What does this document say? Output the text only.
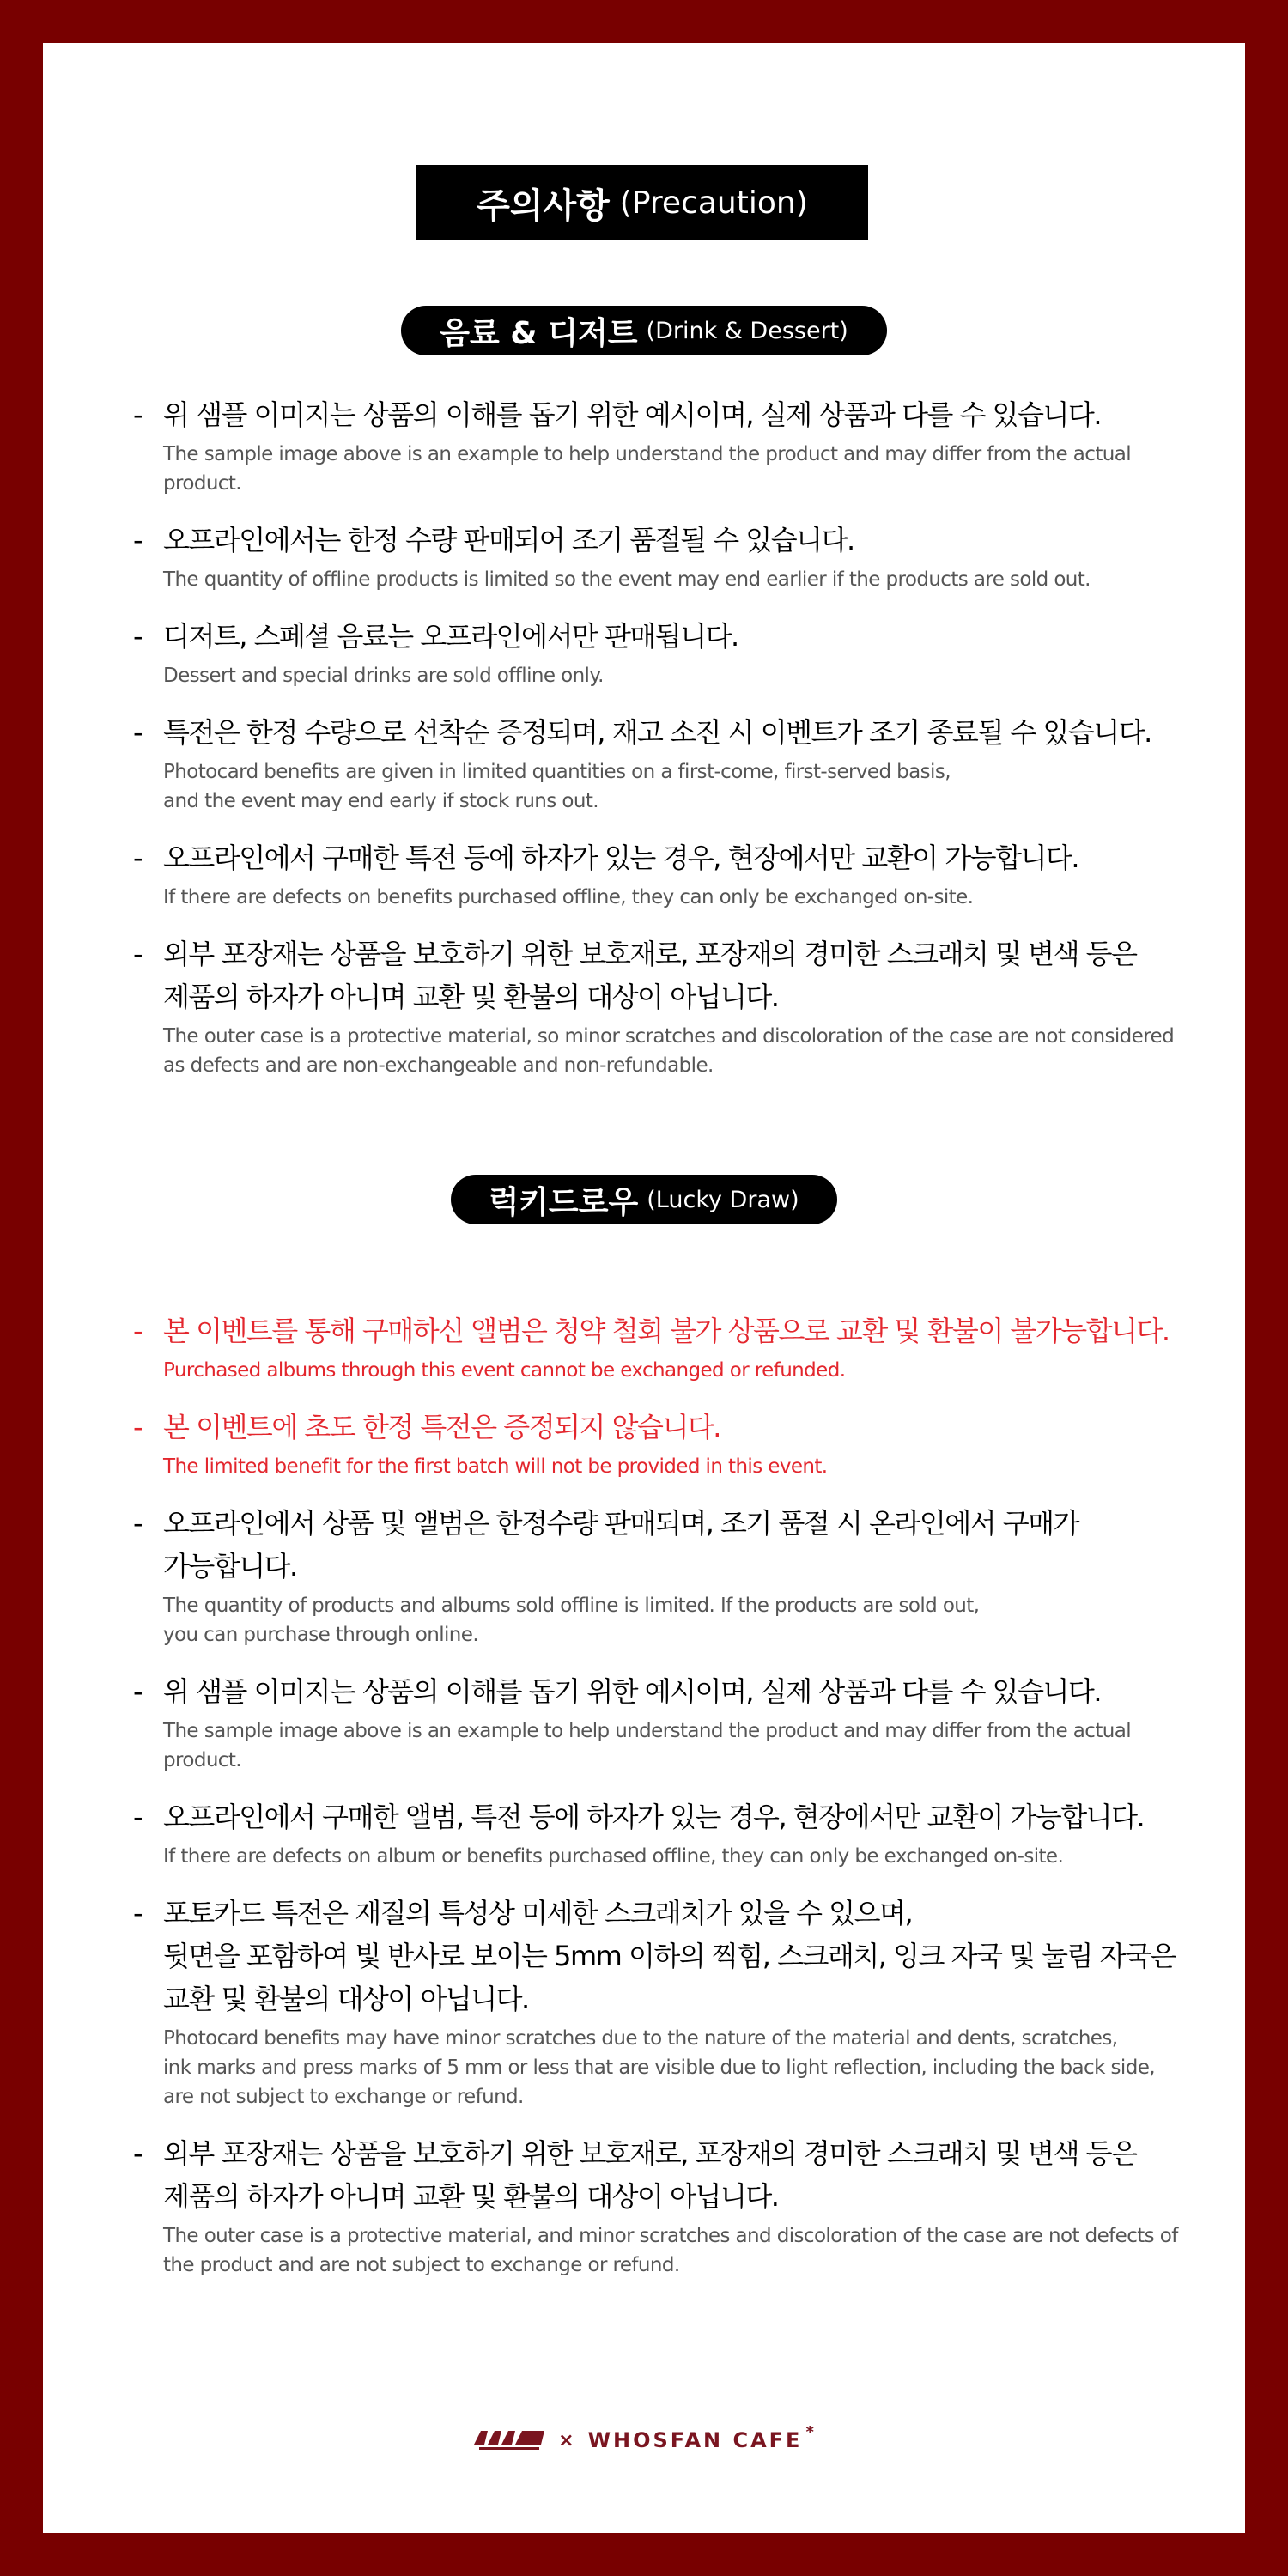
주의사항 (Precaution)
음료 & 디저트 (Drink & Dessert)
- 위 샘플 이미지는 상품의 이해를 돕기 위한 예시이며, 실제 상품과 다를 수 있습니다.
The sample image above is an example to help understand the product and may differ from the actual product.
- 오프라인에서는 한정 수량 판매되어 조기 품절될 수 있습니다.
The quantity of offline products is limited so the event may end earlier if the products are sold out.
- 디저트, 스페셜 음료는 오프라인에서만 판매됩니다.
Dessert and special drinks are sold offline only.
- 특전은 한정 수량으로 선착순 증정되며, 재고 소진 시 이벤트가 조기 종료될 수 있습니다.
Photocard benefits are given in limited quantities on a first-come, first-served basis,
and the event may end early if stock runs out.
- 오프라인에서 구매한 특전 등에 하자가 있는 경우, 현장에서만 교환이 가능합니다.
If there are defects on benefits purchased offline, they can only be exchanged on-site.
- 외부 포장재는 상품을 보호하기 위한 보호재로, 포장재의 경미한 스크래치 및 변색 등은
제품의 하자가 아니며 교환 및 환불의 대상이 아닙니다.
The outer case is a protective material, so minor scratches and discoloration of the case are not considered as defects and are non-exchangeable and non-refundable.
럭키드로우 (Lucky Draw)
- 본 이벤트를 통해 구매하신 앨범은 청약 철회 불가 상품으로 교환 및 환불이 불가능합니다.
Purchased albums through this event cannot be exchanged or refunded.
- 본 이벤트에 초도 한정 특전은 증정되지 않습니다.
The limited benefit for the first batch will not be provided in this event.
- 오프라인에서 상품 및 앨범은 한정수량 판매되며, 조기 품절 시 온라인에서 구매가
가능합니다.
The quantity of products and albums sold offline is limited. If the products are sold out,
you can purchase through online.
- 위 샘플 이미지는 상품의 이해를 돕기 위한 예시이며, 실제 상품과 다를 수 있습니다.
The sample image above is an example to help understand the product and may differ from the actual product.
- 오프라인에서 구매한 앨범, 특전 등에 하자가 있는 경우, 현장에서만 교환이 가능합니다.
If there are defects on album or benefits purchased offline, they can only be exchanged on-site.
- 포토카드 특전은 재질의 특성상 미세한 스크래치가 있을 수 있으며,
뒷면을 포함하여 빛 반사로 보이는 5mm 이하의 찍힘, 스크래치, 잉크 자국 및 눌림 자국은
교환 및 환불의 대상이 아닙니다.
Photocard benefits may have minor scratches due to the nature of the material and dents, scratches,
ink marks and press marks of 5 mm or less that are visible due to light reflection, including the back side,
are not subject to exchange or refund.
- 외부 포장재는 상품을 보호하기 위한 보호재로, 포장재의 경미한 스크래치 및 변색 등은
제품의 하자가 아니며 교환 및 환불의 대상이 아닙니다.
The outer case is a protective material, and minor scratches and discoloration of the case are not defects of the product and are not subject to exchange or refund.
× WHOSFAN CAFE *
